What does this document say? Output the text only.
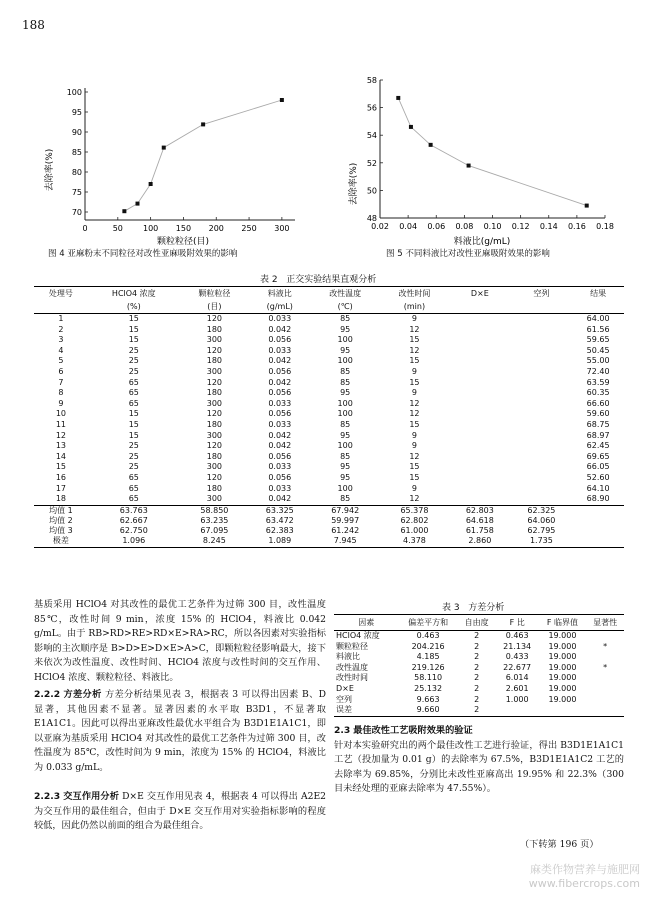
188
70
75
80
85
90
95
100
0	50	100 150 200 250 300
去除率(%)
颗粒粒径(目)
图 4 亚麻粉末不同粒径对改性亚麻吸附效果的影响
48
50
52
54
56
58
0.02 0.04 0.06 0.08 0.10 0.12 0.14 0.16 0.18
去除率(%)
料液比(g/mL)
图 5 不同料液比对改性亚麻吸附效果的影响
表 2 正交实验结果直观分析
处理号	HClO4 浓度	颗粒粒径	料液比	改性温度	改性时间	D×E	空列	结果
	(%)	(目)	(g/mL)	(℃)	(min)			
1	15	120	0.033	85	9			64.00
2	15	180	0.042	95	12			61.56
3	15	300	0.056	100	15			59.65
4	25	120	0.033	95	12			50.45
5	25	180	0.042	100	15			55.00
6	25	300	0.056	85	9			72.40
7	65	120	0.042	85	15			63.59
8	65	180	0.056	95	9			60.35
9	65	300	0.033	100	12			66.60
10	15	120	0.056	100	12			59.60
11	15	180	0.033	85	15			68.75
12	15	300	0.042	95	9			68.97
13	25	120	0.042	100	9			62.45
14	25	180	0.056	85	12			69.65
15	25	300	0.033	95	15			66.05
16	65	120	0.056	95	15			52.60
17	65	180	0.033	100	9			64.10
18	65	300	0.042	85	12			68.90
均值 1	63.763	58.850	63.325	67.942	65.378	62.803	62.325	
均值 2	62.667	63.235	63.472	59.997	62.802	64.618	64.060	
均值 3	62.750	67.095	62.383	61.242	61.000	61.758	62.795	
极差	1.096	8.245	1.089	7.945	4.378	2.860	1.735	
基质采用 HClO4 对其改性的最优工艺条件为过筛 300 目，改性温度 85℃，改性时间 9 min，浓度 15% 的 HClO4，料液比 0.042 g/mL。由于 RB>RD>RE>RD×E>RA>RC，所以各因素对实验指标影响的主次顺序是 B>D>E>D×E>A>C，即颗粒粒径影响最大，接下来依次为改性温度、改性时间、HClO4 浓度与改性时间的交互作用、HClO4 浓度、颗粒粒径、料液比。
2.2.2 方差分析 方差分析结果见表 3，根据表 3 可以得出因素 B、D 显著，其他因素不显著。显著因素的水平取 B3D1，不显著取 E1A1C1。因此可以得出亚麻改性最优水平组合为 B3D1E1A1C1，即以亚麻为基质采用 HClO4 对其改性的最优工艺条件为过筛 300 目，改性温度为 85℃，改性时间为 9 min，浓度为 15% 的 HClO4，料液比为 0.033 g/mL。
2.2.3 交互作用分析 D×E 交互作用见表 4，根据表 4 可以得出 A2E2 为交互作用的最佳组合，但由于 D×E 交互作用对实验指标影响的程度较低，因此仍然以前面的组合为最佳组合。
表 3 方差分析
因素	偏差平方和	自由度	F 比	F 临界值	显著性
HClO4 浓度	0.463	2	0.463	19.000	
颗粒粒径	204.216	2	21.134	19.000	*
料液比	4.185	2	0.433	19.000	
改性温度	219.126	2	22.677	19.000	*
改性时间	58.110	2	6.014	19.000	
D×E	25.132	2	2.601	19.000	
空列	9.663	2	1.000	19.000	
误差	9.660	2			
2.3 最佳改性工艺吸附效果的验证
针对本实验研究出的两个最佳改性工艺进行验证，得出 B3D1E1A1C1 工艺（投加量为 0.01 g）的去除率为 67.5%，B3D1E1A1C2 工艺的去除率为 69.85%，分别比未改性亚麻高出 19.95% 和 22.3%（300 目未经处理的亚麻去除率为 47.55%）。
（下转第 196 页）
麻类作物营养与施肥网
www.fibercrops.com
